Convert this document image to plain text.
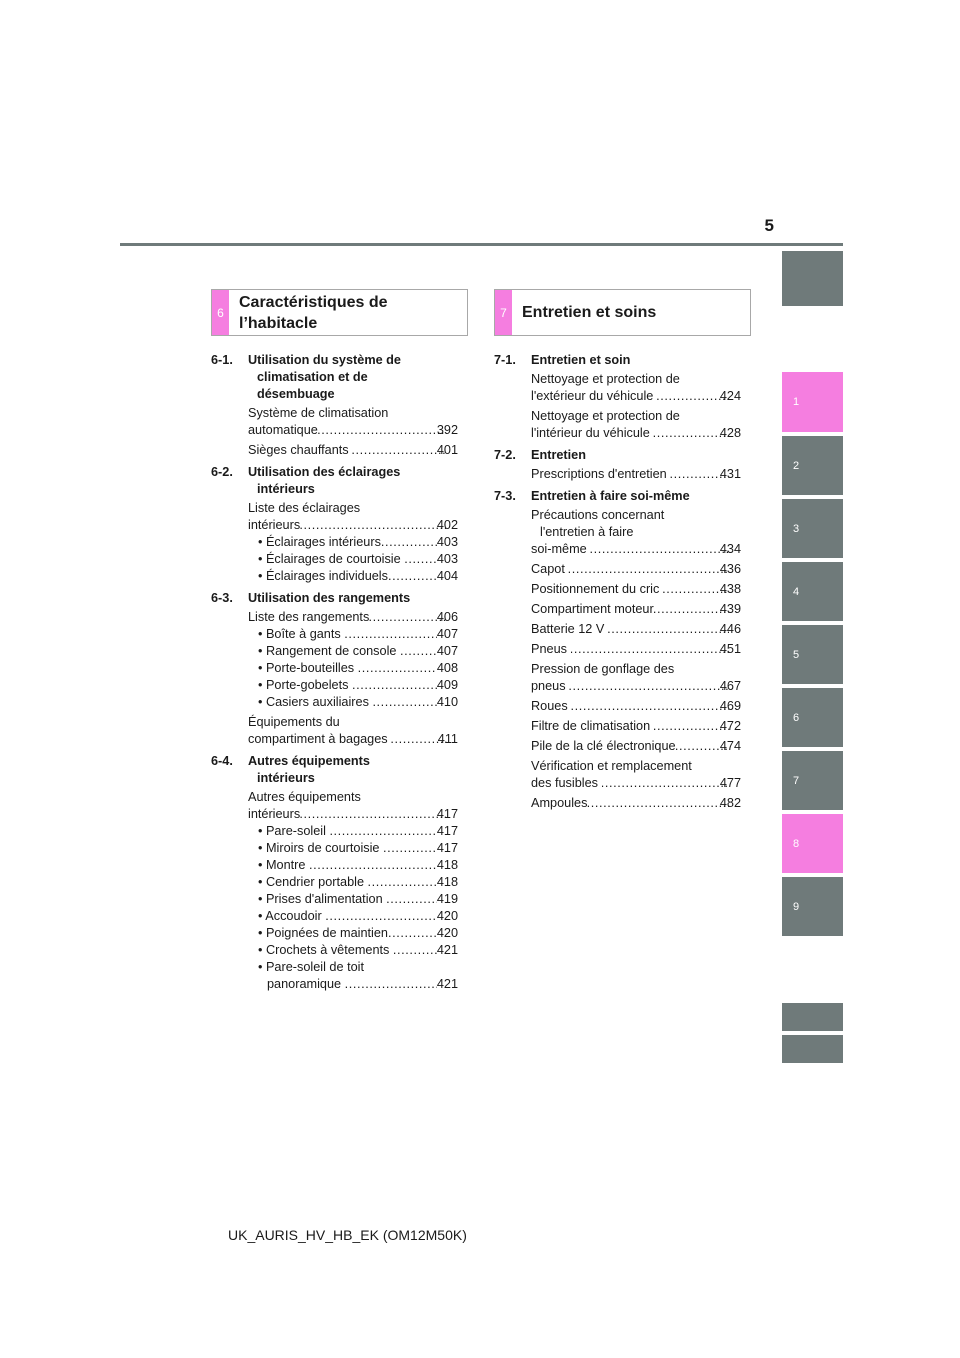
5
1
2
3
4
5
6
7
8
9
6
Caractéristiques de
l’habitacle
7 Entretien et soins
6-1.	Utilisation du système de
climatisation et de
désembuage
Système de climatisation
automatique .....	392
Sièges chauffants .....	401
6-2.	Utilisation des éclairages
intérieurs
Liste des éclairages
intérieurs .....	402
• Éclairages intérieurs .....	403
• Éclairages de courtoisie .....	403
• Éclairages individuels .....	404
6-3.	Utilisation des rangements
Liste des rangements .....	406
• Boîte à gants .....	407
• Rangement de console .....	407
• Porte-bouteilles .....	408
• Porte-gobelets .....	409
• Casiers auxiliaires .....	410
Équipements du
compartiment à bagages .....	411
6-4.	Autres équipements
intérieurs
Autres équipements
intérieurs .....	417
• Pare-soleil .....	417
• Miroirs de courtoisie .....	417
• Montre .....	418
• Cendrier portable .....	418
• Prises d'alimentation .....	419
• Accoudoir .....	420
• Poignées de maintien .....	420
• Crochets à vêtements .....	421
• Pare-soleil de toit
panoramique .....	421
7-1.	Entretien et soin
Nettoyage et protection de
l'extérieur du véhicule .....	424
Nettoyage et protection de
l'intérieur du véhicule .....	428
7-2.	Entretien
Prescriptions d'entretien .....	431
7-3.	Entretien à faire soi-même
Précautions concernant
l'entretien à faire
soi-même .....	434
Capot .....	436
Positionnement du cric .....	438
Compartiment moteur .....	439
Batterie 12 V .....	446
Pneus .....	451
Pression de gonflage des
pneus .....	467
Roues .....	469
Filtre de climatisation .....	472
Pile de la clé électronique .....	474
Vérification et remplacement
des fusibles .....	477
Ampoules .....	482
UK_AURIS_HV_HB_EK (OM12M50K)
